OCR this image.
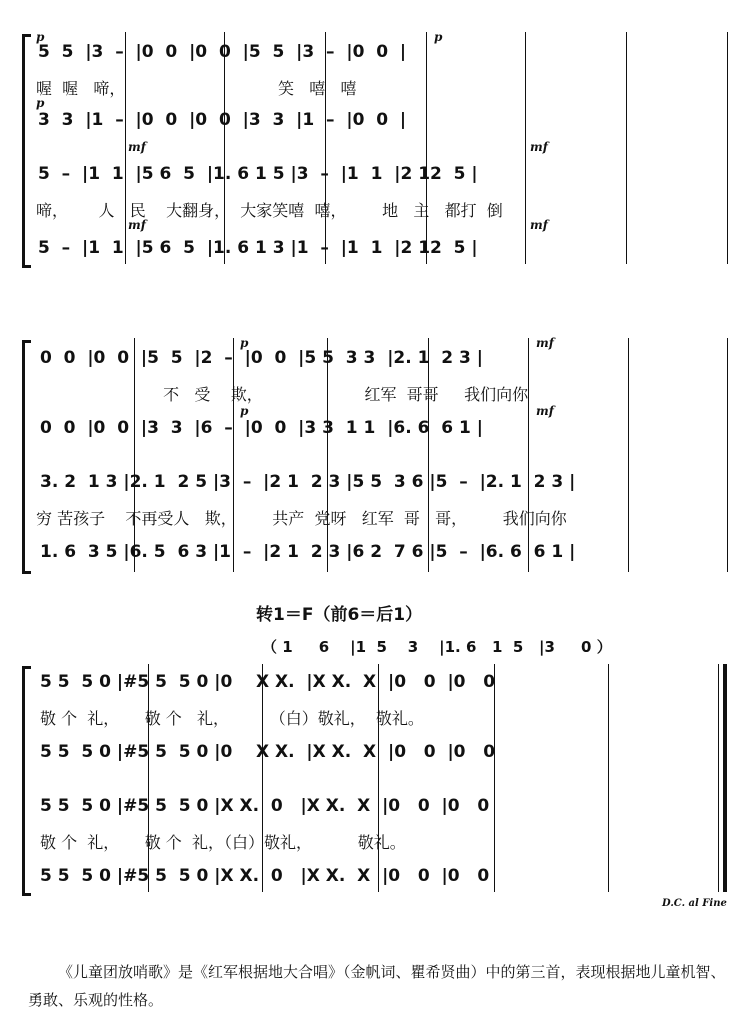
p	p
p
mf	mf
mf	mf
5  5  |3  –  |0  0  |0  0  |5  5  |3  –  |0  0  |
喔  喔   啼，                              笑   嘻   嘻
3  3  |1  –  |0  0  |0  0  |3  3  |1  –  |0  0  |
5  –  |1  1  |5 6  5  |1. 6 1 5 |3  –  |1  1  |2 12  5 |
啼，      人   民    大翻身，  大家笑嘻  嘻，       地   主   都打  倒
5  –  |1  1  |5 6  5  |1. 6 1 3 |1  –  |1  1  |2 12  5 |
p	mf
p	mf
0  0  |0  0  |5  5  |2  –  |0  0  |5 5  3 3  |2. 1  2 3 |
不   受    欺，                    红军  哥哥     我们向你
0  0  |0  0  |3  3  |6  –  |0  0  |3 3  1 1  |6. 6  6 1 |
3. 2  1 3 |2. 1  2 5 |3  –  |2 1  2 3 |5 5  3 6 |5  –  |2. 1  2 3 |
穷 苦孩子    不再受人   欺，       共产  党呀   红军  哥   哥，       我们向你
1. 6  3 5 |6. 5  6 3 |1  –  |2 1  2 3 |6 2  7 6 |5  –  |6. 6  6 1 |
转1＝F（前6＝后1）
（ 1     6    |1  5    3    |1. 6   1  5   |3     0 ）
5 5  5 0 |#5 5  5 0 |0    X X.  |X X.  X  |0   0  |0   0
敬 个  礼，     敬 个   礼，        （白）敬礼，  敬礼。
5 5  5 0 |#5 5  5 0 |0    X X.  |X X.  X  |0   0  |0   0
5 5  5 0 |#5 5  5 0 |X X.  0   |X X.  X  |0   0  |0   0
敬 个  礼，     敬 个  礼，（白）敬礼，         敬礼。
5 5  5 0 |#5 5  5 0 |X X.  0   |X X.  X  |0   0  |0   0
D.C. al Fine
《儿童团放哨歌》是《红军根据地大合唱》（金帆词、瞿希贤曲）中的第三首，表现根据地儿童机智、勇敢、乐观的性格。
